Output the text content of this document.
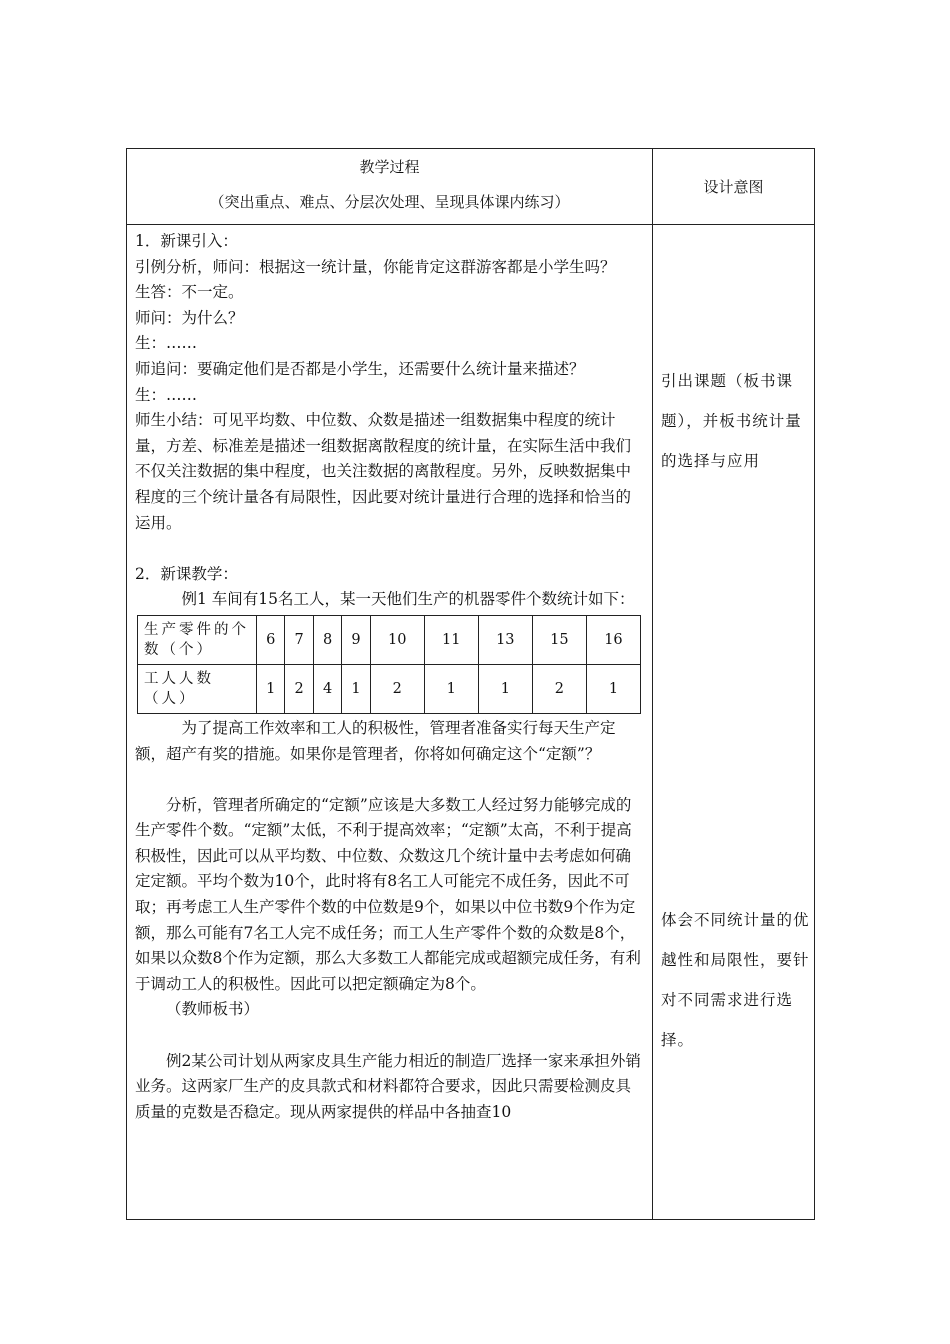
教学过程
（突出重点、难点、分层次处理、呈现具体课内练习）
设计意图

1．新课引入：

引例分析，师问：根据这一统计量，你能肯定这群游客都是小学生吗？

生答：不一定。

师问：为什么？

生：……

师追问：要确定他们是否都是小学生，还需要什么统计量来描述？

生：……

师生小结：可见平均数、中位数、众数是描述一组数据集中程度的统计量，方差、标准差是描述一组数据离散程度的统计量，在实际生活中我们不仅关注数据的集中程度，也关注数据的离散程度。另外，反映数据集中程度的三个统计量各有局限性，因此要对统计量进行合理的选择和恰当的运用。

2．新课教学：

例1 车间有15名工人，某一天他们生产的机器零件个数统计如下：

生产零件的个数（个）	6	7	8	9	10	11	13	15	16
工人人数（人）	1	2	4	1	2	1	1	2	1

为了提高工作效率和工人的积极性，管理者准备实行每天生产定额，超产有奖的措施。如果你是管理者，你将如何确定这个“定额”？

分析，管理者所确定的“定额”应该是大多数工人经过努力能够完成的生产零件个数。“定额”太低，不利于提高效率；“定额”太高，不利于提高积极性，因此可以从平均数、中位数、众数这几个统计量中去考虑如何确定定额。平均个数为10个，此时将有8名工人可能完不成任务，因此不可取；再考虑工人生产零件个数的中位数是9个，如果以中位书数9个作为定额，那么可能有7名工人完不成任务；而工人生产零件个数的众数是8个，如果以众数8个作为定额，那么大多数工人都能完成或超额完成任务，有利于调动工人的积极性。因此可以把定额确定为8个。

（教师板书）

例2某公司计划从两家皮具生产能力相近的制造厂选择一家来承担外销业务。这两家厂生产的皮具款式和材料都符合要求，因此只需要检测皮具质量的克数是否稳定。现从两家提供的样品中各抽查10

引出课题（板书课题），并板书统计量的选择与应用
体会不同统计量的优越性和局限性，要针对不同需求进行选择。
